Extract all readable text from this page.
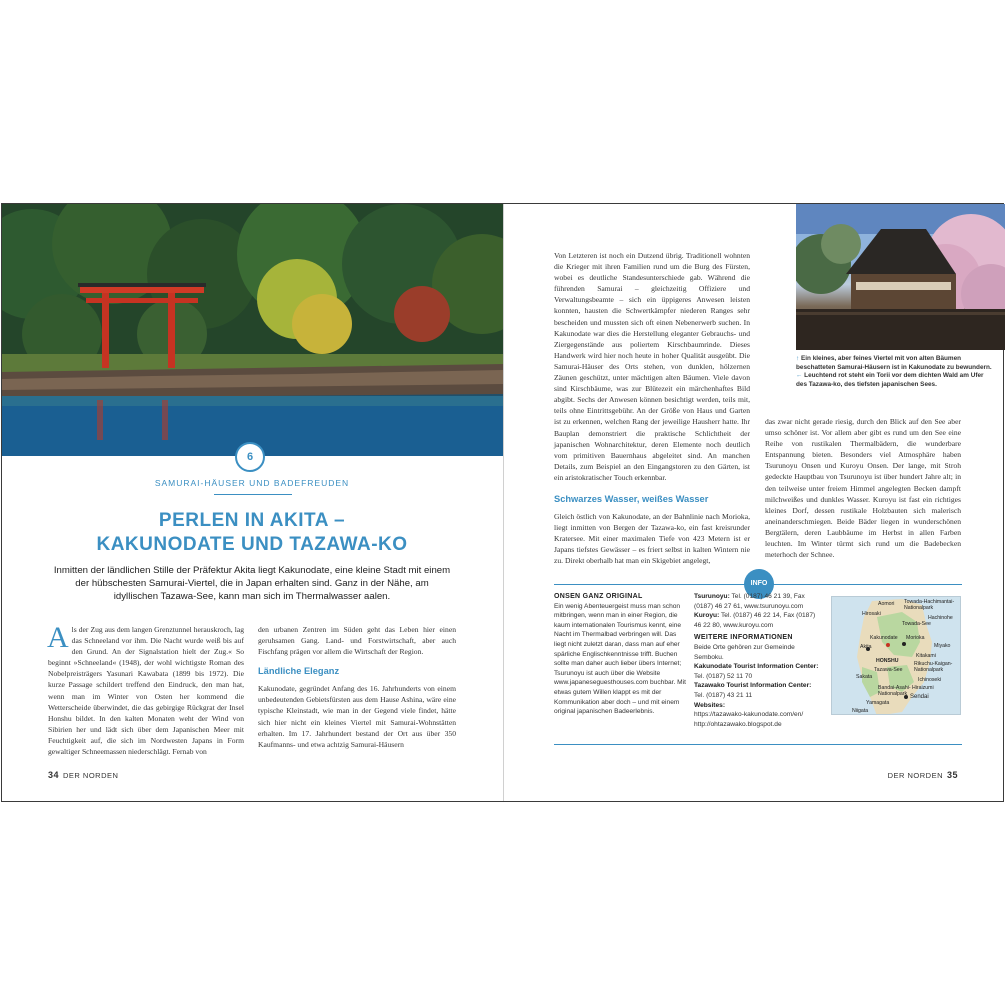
6
SAMURAI-HÄUSER UND BADEFREUDEN
PERLEN IN AKITA –
KAKUNODATE UND TAZAWA-KO
Inmitten der ländlichen Stille der Präfektur Akita liegt Kakunodate, eine kleine Stadt mit einem der hübschesten Samurai-Viertel, die in Japan erhalten sind. Ganz in der Nähe, am idyllischen Tazawa-See, kann man sich im Thermalwasser aalen.
Als der Zug aus dem langen Grenztunnel herauskroch, lag das Schneeland vor ihm. Die Nacht wurde weiß bis auf den Grund. An der Signalstation hielt der Zug.« So beginnt »Schneeland« (1948), der wohl wichtigste Roman des Nobelpreisträgers Yasunari Kawabata (1899 bis 1972). Die kurze Passage schildert treffend den Eindruck, den man hat, wenn man im Winter von Osten her kommend die Wetterscheide überwindet, die das gebirgige Rückgrat der Insel Honshu bildet. In den kalten Monaten weht der Wind von Sibirien her und lädt sich über dem Japanischen Meer mit Feuchtigkeit auf, die sich im Nordwesten Japans in Form gewaltiger Schneemassen niederschlägt. Fernab von

den urbanen Zentren im Süden geht das Leben hier einen geruhsamen Gang. Land- und Forstwirtschaft, aber auch Fischfang prägen vor allem die Wirtschaft der Region.

Ländliche Eleganz

Kakunodate, gegründet Anfang des 16. Jahrhunderts von einem unbedeutenden Gebietsfürsten aus dem Hause Ashina, wäre eine typische Kleinstadt, wie man in der Gegend viele findet, hätte sich hier nicht ein kleines Viertel mit Samurai-Wohnstätten erhalten. Im 17. Jahrhundert bestand der Ort aus über 350 Kaufmanns- und etwa achtzig Samurai-Häusern

34 DER NORDEN

Von Letzteren ist noch ein Dutzend übrig. Traditionell wohnten die Krieger mit ihren Familien rund um die Burg des Fürsten, wobei es deutliche Standesunterschiede gab. Während die führenden Samurai – gleichzeitig Offiziere und Verwaltungsbeamte – sich ein üppigeres Anwesen leisten konnten, hausten die Schwertkämpfer niederen Ranges sehr bescheiden und mussten sich oft einen Nebenerwerb suchen. In Kakunodate war dies die Herstellung eleganter Gebrauchs- und Ziergegenstände aus poliertem Kirschbaumrinde. Dieses Handwerk wird hier noch heute in hoher Qualität ausgeübt. Die Samurai-Häuser des Orts stehen, von dunklen, hölzernen Zäunen geschützt, unter mächtigen alten Bäumen. Viele davon sind Kirschbäume, was zur Blütezeit ein märchenhaftes Bild abgibt. Sechs der Anwesen können besichtigt werden, teils mit, teils ohne Eintrittsgebühr. An der Größe von Haus und Garten ist zu erkennen, welchen Rang der jeweilige Hausherr hatte. Ihr Bauplan demonstriert die praktische Schlichtheit der japanischen Wohnarchitektur, deren Elemente noch deutlich vom primitiven Bauernhaus abgeleitet sind. An manchen Details, zum Beispiel an den Eingangstoren zu den Gärten, ist ein aristokratischer Touch erkennbar.

Schwarzes Wasser, weißes Wasser

Gleich östlich von Kakunodate, an der Bahnlinie nach Morioka, liegt inmitten von Bergen der Tazawa-ko, ein fast kreisrunder Kratersee. Mit einer maximalen Tiefe von 423 Metern ist er Japans tiefstes Gewässer – es friert selbst in kalten Wintern nie zu. Direkt oberhalb hat man ein Skigebiet angelegt,

↑ Ein kleines, aber feines Viertel mit von alten Bäumen beschatteten Samurai-Häusern ist in Kakunodate zu bewundern.
← Leuchtend rot steht ein Torii vor dem dichten Wald am Ufer des Tazawa-ko, des tiefsten japanischen Sees.
das zwar nicht gerade riesig, durch den Blick auf den See aber umso schöner ist. Vor allem aber gibt es rund um den See eine Reihe von rustikalen Thermalbädern, die wunderbare Entspannung bieten. Besonders viel Atmosphäre haben Tsurunoyu Onsen und Kuroyu Onsen. Der lange, mit Stroh gedeckte Hauptbau von Tsurunoyu ist über hundert Jahre alt; in den teilweise unter freiem Himmel angelegten Becken dampft milchweißes und dunkles Wasser. Kuroyu ist fast ein richtiges kleines Dorf, dessen rustikale Holzbauten sich malerisch aneinanderschmiegen. Beide Bäder liegen in wunderschönen Bergtälern, deren Laubbäume im Herbst in allen Farben leuchten. Im Winter türmt sich rund um die Badebecken meterhoch der Schnee.
INFO
ONSEN GANZ ORIGINAL
Ein wenig Abenteuergeist muss man schon mitbringen, wenn man in einer Region, die kaum internationalen Tourismus kennt, eine Nacht im Thermalbad verbringen will. Das liegt nicht zuletzt daran, dass man auf eher spärliche Englischkenntnisse trifft. Buchen sollte man daher auch lieber übers Internet; Tsurunoyu ist auch über die Website www.japaneseguesthouses.com buchbar. Mit etwas gutem Willen klappt es mit der Kommunikation aber doch – und mit einem original japanischen Badeerlebnis.
Tsurunoyu: Tel. (0187) 46 21 39, Fax (0187) 46 27 61, www.tsurunoyu.com
Kuroyu: Tel. (0187) 46 22 14, Fax (0187) 46 22 80, www.kuroyu.com
WEITERE INFORMATIONEN
Beide Orte gehören zur Gemeinde Semboku.
Kakunodate Tourist Information Center:
Tel. (0187) 52 11 70
Tazawako Tourist Information Center:
Tel. (0187) 43 21 11
Websites:
https://tazawako-kakunodate.com/en/
http://ohtazawako.blogspot.de
Aomori Towada-Hachimantai-Nationalpark
Hirosaki
Hachinohe
Towada-See
Kakunodate Morioka
Akita	Miyako
HONSHU
Tazawa-See
Sakata
Bandai-Asahi-Nationalpark
Rikuchu-Kaigan-Nationalpark
Ichinoseki
Yamagata
Sendai
Niigata
Kitakami
Hiraizumi
DER NORDEN 35
